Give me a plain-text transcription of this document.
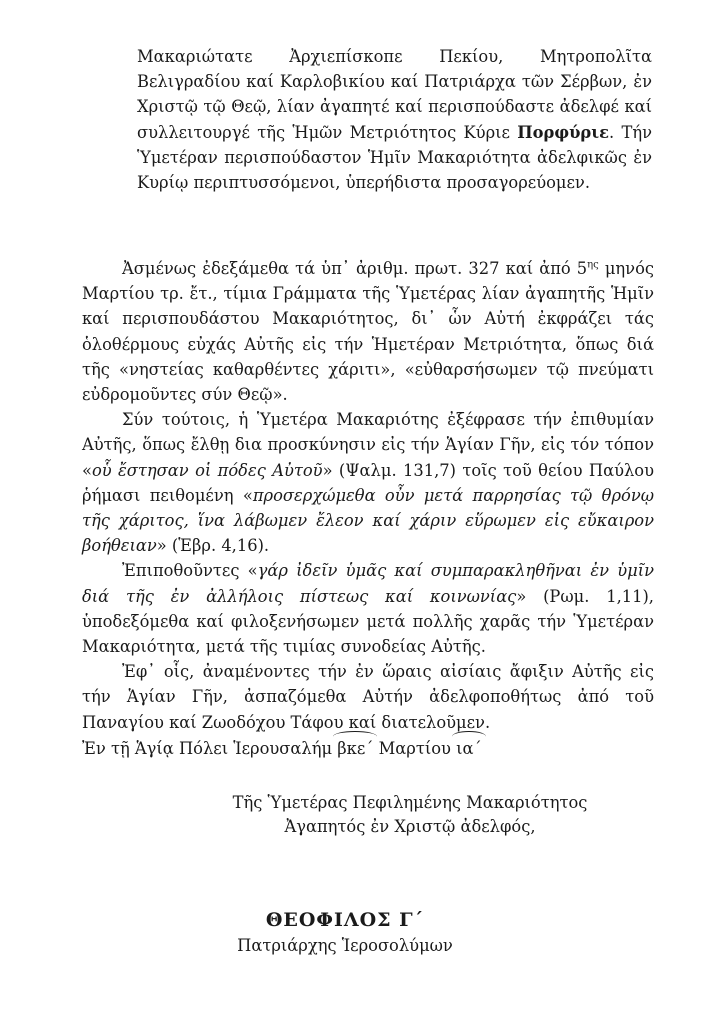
Μακαριώτατε Ἀρχιεπίσκοπε Πεκίου, Μητροπολῖτα Βελιγραδίου καί Καρλοβικίου καί Πατριάρχα τῶν Σέρβων, ἐν Χριστῷ τῷ Θεῷ, λίαν ἀγαπητέ καί περισπούδαστε ἀδελφέ καί συλλειτουργέ τῆς Ἡμῶν Μετριότητος Κύριε Πορφύριε. Τήν Ὑμετέραν περισπούδαστον Ἡμῖν Μακαριότητα ἀδελφικῶς ἐν Κυρίῳ περιπτυσσόμενοι, ὑπερήδιστα προσαγορεύομεν.

Ἀσμένως ἐδεξάμεθα τά ὑπ᾽ ἀριθμ. πρωτ. 327 καί ἀπό $5^{\eta\varsigma}$ μηνός Μαρτίου τρ. ἔτ., τίμια Γράμματα τῆς Ὑμετέρας λίαν ἀγαπητῆς Ἡμῖν καί περισπουδάστου Μακαριότητος, δι᾽ ὧν Αὐτή ἐκφράζει τάς ὁλοθέρμους εὐχάς Αὐτῆς εἰς τήν Ἡμετέραν Μετριότητα, ὅπως διά τῆς «νηστείας καθαρθέντες χάριτι», «εὐθαρσήσωμεν τῷ πνεύματι εὐδρομοῦντες σύν Θεῷ».

Σύν τούτοις, ἡ Ὑμετέρα Μακαριότης ἐξέφρασε τήν ἐπιθυμίαν Αὐτῆς, ὅπως ἔλθῃ δια προσκύνησιν εἰς τήν Ἁγίαν Γῆν, εἰς τόν τόπον «οὗ ἔστησαν οἱ πόδες Αὐτοῦ» (Ψαλμ. 131,7) τοῖς τοῦ θείου Παύλου ῥήμασι πειθομένη «προσερχώμεθα οὖν μετά παρρησίας τῷ θρόνῳ τῆς χάριτος, ἵνα λάβωμεν ἔλεον καί χάριν εὕρωμεν εἰς εὔκαιρον βοήθειαν» (Ἑβρ. 4,16).

Ἐπιποθοῦντες «γάρ ἰδεῖν ὑμᾶς καί συμπαρακληθῆναι ἐν ὑμῖν διά τῆς ἐν ἀλλήλοις πίστεως καί κοινωνίας» (Ρωμ. 1,11), ὑποδεξόμεθα καί φιλοξενήσωμεν μετά πολλῆς χαρᾶς τήν Ὑμετέραν Μακαριότητα, μετά τῆς τιμίας συνοδείας Αὐτῆς.

Ἐφ᾽ οἷς, ἀναμένοντες τήν ἐν ὥραις αἰσίαις ἄφιξιν Αὐτῆς εἰς τήν Ἁγίαν Γῆν, ἀσπαζόμεθα Αὐτήν ἀδελφοποθήτως ἀπό τοῦ Παναγίου καί Ζωοδόχου Τάφου καί διατελοῦμεν.

Ἐν τῇ Ἁγίᾳ Πόλει Ἱερουσαλήμ βκε΄ Μαρτίου ια΄
Τῆς Ὑμετέρας Πεφιλημένης Μακαριότητος
Ἀγαπητός ἐν Χριστῷ ἀδελφός,
ΘΕΟΦΙΛΟΣ Γ΄
Πατριάρχης Ἱεροσολύμων
